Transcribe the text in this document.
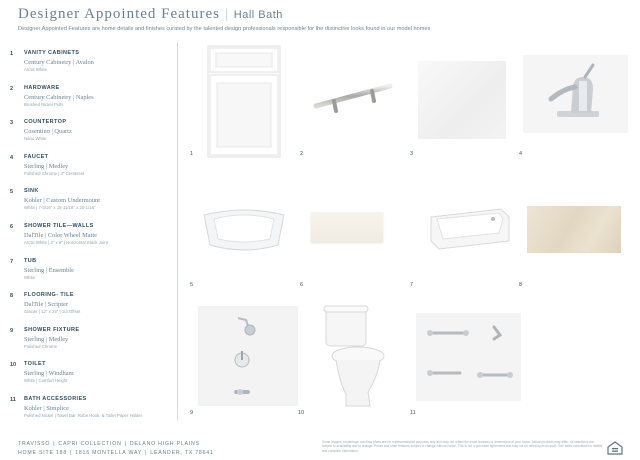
Designer Appointed Features | Hall Bath
Designer Appointed Features are home details and finishes curated by the talented design professionals responsible for the distinctive looks found in our model homes
1 VANITY CABINETS
Century Cabinetry | Avalon
Arctic White
2 HARDWARE
Century Cabinetry | Naples
Brushed Nickel Pulls
3 COUNTERTOP
Cosentino | Quartz
Nano White
4 FAUCET
Sterling | Medley
Polished Chrome | 4" Centerset
5 SINK
Kohler | Custom Undermount
White | 7-3/16" x 15-11/16" x 20-1/16"
6 SHOWER TILE—WALLS
DalTile | Color Wheel Matte
Arctic White | 3" x 6" | Horizontal Stack Joint
7 TUB
Sterling | Ensemble
White
8 FLOORING- TILE
DalTile | Scripter
Glacier | 12" x 24" | 1/3 Offset
9 SHOWER FIXTURE
Sterling | Medley
Polished Chrome
10 TOILET
Sterling | Windham
White | Comfort Height
11 BATH ACCESSORIES
Kohler | Simplice
Polished Nickel | Towel Bar, Robe Hook, & Toilet Paper Holder
1	2	3	4
5	6	7	8
9	10	11
TRAVISSO | CAPRI COLLECTION | DELANO HIGH PLAINS
HOME SITE 188 | 1816 MONTELLA WAY | LEANDER, TX 78641
Some images, renderings, and floor plans are for representational purposes only and may not reflect the exact features or dimensions of your home. Actual products may differ. All selections are subject to availability and to change. Prices and other features subject to change without notice. This is not a purchase agreement and may not be relied upon as such. See sales consultant for details and complete information.
